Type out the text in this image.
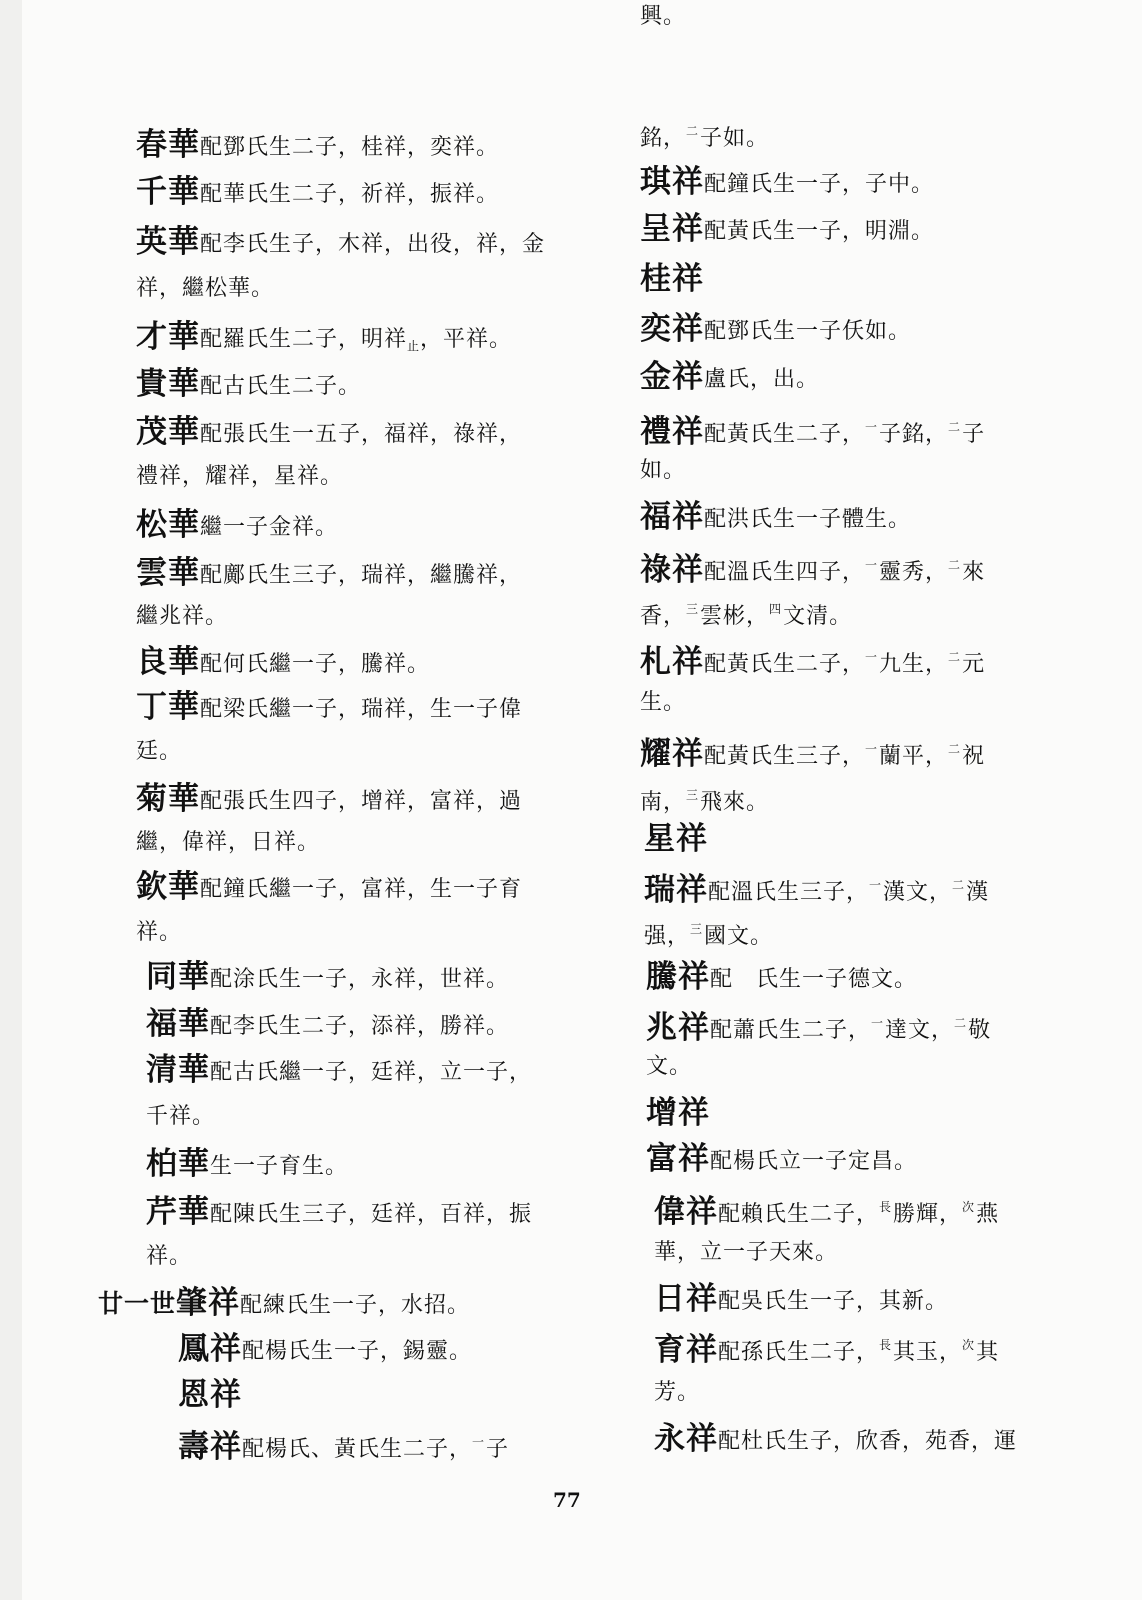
春華配鄧氏生二子，桂祥，奕祥。
千華配華氏生二子，祈祥，振祥。
英華配李氏生子，木祥，出役，祥，金
祥，繼松華。
才華配羅氏生二子，明祥$_止$，平祥。
貴華配古氏生二子。
茂華配張氏生一五子，福祥，祿祥，
禮祥，耀祥，星祥。
松華繼一子金祥。
雲華配鄺氏生三子，瑞祥，繼騰祥，
繼兆祥。
良華配何氏繼一子，騰祥。
丁華配梁氏繼一子，瑞祥，生一子偉
廷。
菊華配張氏生四子，增祥，富祥，過
繼，偉祥，日祥。
欽華配鐘氏繼一子，富祥，生一子育
祥。
同華配涂氏生一子，永祥，世祥。
福華配李氏生二子，添祥，勝祥。
清華配古氏繼一子，廷祥，立一子，
千祥。
柏華生一子育生。
芹華配陳氏生三子，廷祥，百祥，振
祥。
廿一世肇祥配練氏生一子，水招。
鳳祥配楊氏生一子，錫靈。
恩祥
壽祥配楊氏、黃氏生二子，$^一$子
銘，$^二$子如。
琪祥配鐘氏生一子，子中。
呈祥配黃氏生一子，明淵。
桂祥
奕祥配鄧氏生一子仸如。
金祥盧氏，出。
禮祥配黃氏生二子，$^一$子銘，$^二$子
如。
福祥配洪氏生一子體生。
祿祥配溫氏生四子，$^一$靈秀，$^二$來
香，$^三$雲彬，$^四$文清。
札祥配黃氏生二子，$^一$九生，$^二$元
生。
耀祥配黃氏生三子，$^一$蘭平，$^二$祝
南，$^三$飛來。
星祥
瑞祥配溫氏生三子，$^一$漢文，$^二$漢
强，$^三$國文。
騰祥配　氏生一子德文。
兆祥配蕭氏生二子，$^一$達文，$^二$敬
文。
增祥
富祥配楊氏立一子定昌。
偉祥配賴氏生二子，$^長$勝輝，$^次$燕
華，立一子天來。
日祥配吳氏生一子，其新。
育祥配孫氏生二子，$^長$其玉，$^次$其
芳。
永祥配杜氏生子，欣香，苑香，運
興。
77
